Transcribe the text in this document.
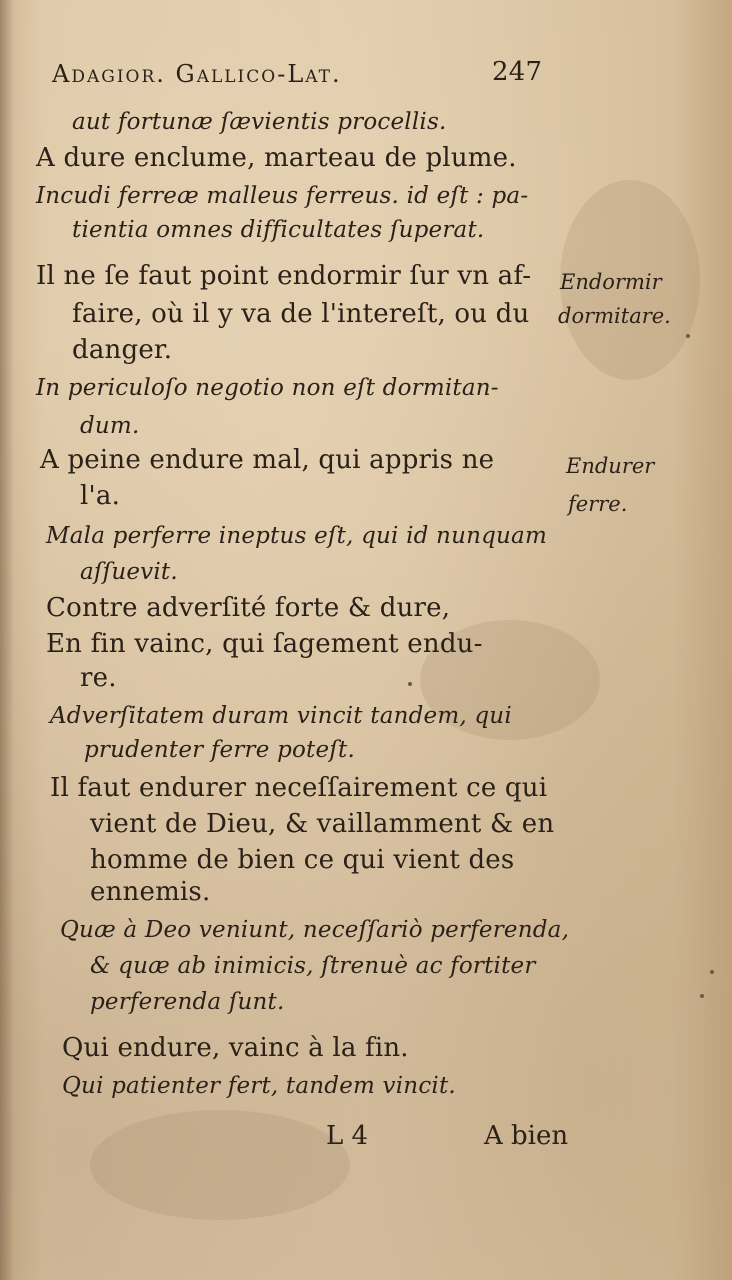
Adagior. Gallico-Lat.	247
aut fortunæ ſævientis procellis.
A dure enclume, marteau de plume.
Incudi ferreæ malleus ferreus. id eſt : pa-
tientia omnes difficultates ſuperat.
Il ne ſe faut point endormir ſur vn af-
faire, où il y va de l'intereſt, ou du
danger.
In periculoſo negotio non eſt dormitan-
dum.
A peine endure mal, qui appris ne
l'a.
Mala perferre ineptus eſt, qui id nunquam
aſſuevit.
Contre adverſité forte & dure,
En fin vainc, qui ſagement endu-
re.
Adverſitatem duram vincit tandem, qui
prudenter ferre poteſt.
Il faut endurer neceſſairement ce qui
vient de Dieu, & vaillamment & en
homme de bien ce qui vient des
ennemis.
Quæ à Deo veniunt, neceſſariò perferenda,
& quæ ab inimicis, ſtrenuè ac fortiter
perferenda ſunt.
Qui endure, vainc à la fin.
Qui patienter fert, tandem vincit.
Endormir
dormitare.
Endurer
ferre.
L 4	A bien
